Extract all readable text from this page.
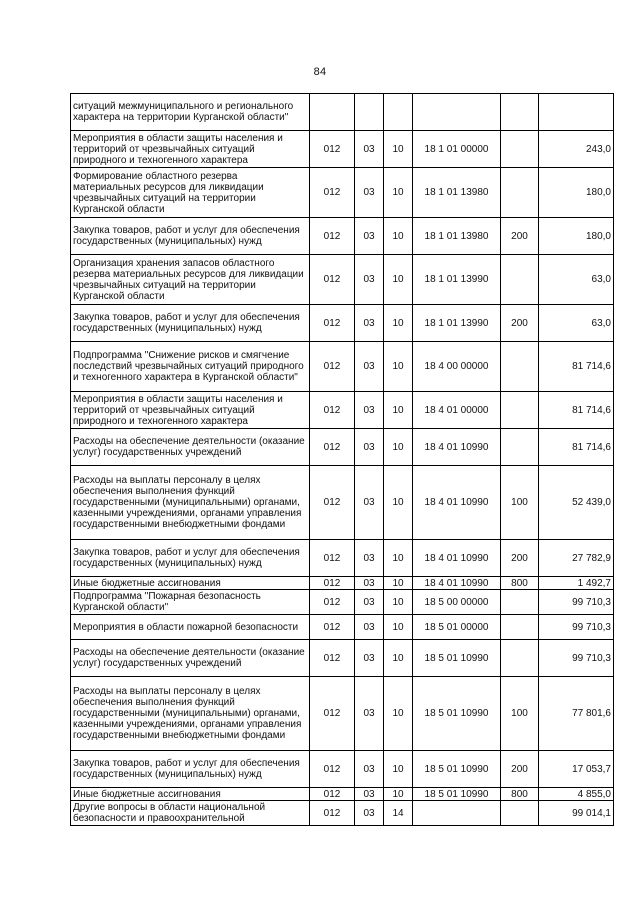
84
ситуаций межмуниципального и регионального характера на территории Курганской области"						
Мероприятия в области защиты населения и территорий от чрезвычайных ситуаций природного и техногенного характера	012	03	10	18 1 01 00000		243,0
Формирование областного резерва материальных ресурсов для ликвидации чрезвычайных ситуаций на территории Курганской области	012	03	10	18 1 01 13980		180,0
Закупка товаров, работ и услуг для обеспечения государственных (муниципальных) нужд	012	03	10	18 1 01 13980	200	180,0
Организация хранения запасов областного резерва материальных ресурсов для ликвидации чрезвычайных ситуаций на территории Курганской области	012	03	10	18 1 01 13990		63,0
Закупка товаров, работ и услуг для обеспечения государственных (муниципальных) нужд	012	03	10	18 1 01 13990	200	63,0
Подпрограмма "Снижение рисков и смягчение последствий чрезвычайных ситуаций природного и техногенного характера в Курганской области"	012	03	10	18 4 00 00000		81 714,6
Мероприятия в области защиты населения и территорий от чрезвычайных ситуаций природного и техногенного характера	012	03	10	18 4 01 00000		81 714,6
Расходы на обеспечение деятельности (оказание услуг) государственных учреждений	012	03	10	18 4 01 10990		81 714,6
Расходы на выплаты персоналу в целях обеспечения выполнения функций государственными (муниципальными) органами, казенными учреждениями, органами управления государственными внебюджетными фондами	012	03	10	18 4 01 10990	100	52 439,0
Закупка товаров, работ и услуг для обеспечения государственных (муниципальных) нужд	012	03	10	18 4 01 10990	200	27 782,9
Иные бюджетные ассигнования	012	03	10	18 4 01 10990	800	1 492,7
Подпрограмма "Пожарная безопасность Курганской области"	012	03	10	18 5 00 00000		99 710,3
Мероприятия в области пожарной безопасности	012	03	10	18 5 01 00000		99 710,3
Расходы на обеспечение деятельности (оказание услуг) государственных учреждений	012	03	10	18 5 01 10990		99 710,3
Расходы на выплаты персоналу в целях обеспечения выполнения функций государственными (муниципальными) органами, казенными учреждениями, органами управления государственными внебюджетными фондами	012	03	10	18 5 01 10990	100	77 801,6
Закупка товаров, работ и услуг для обеспечения государственных (муниципальных) нужд	012	03	10	18 5 01 10990	200	17 053,7
Иные бюджетные ассигнования	012	03	10	18 5 01 10990	800	4 855,0
Другие вопросы в области национальной безопасности и правоохранительной	012	03	14			99 014,1
